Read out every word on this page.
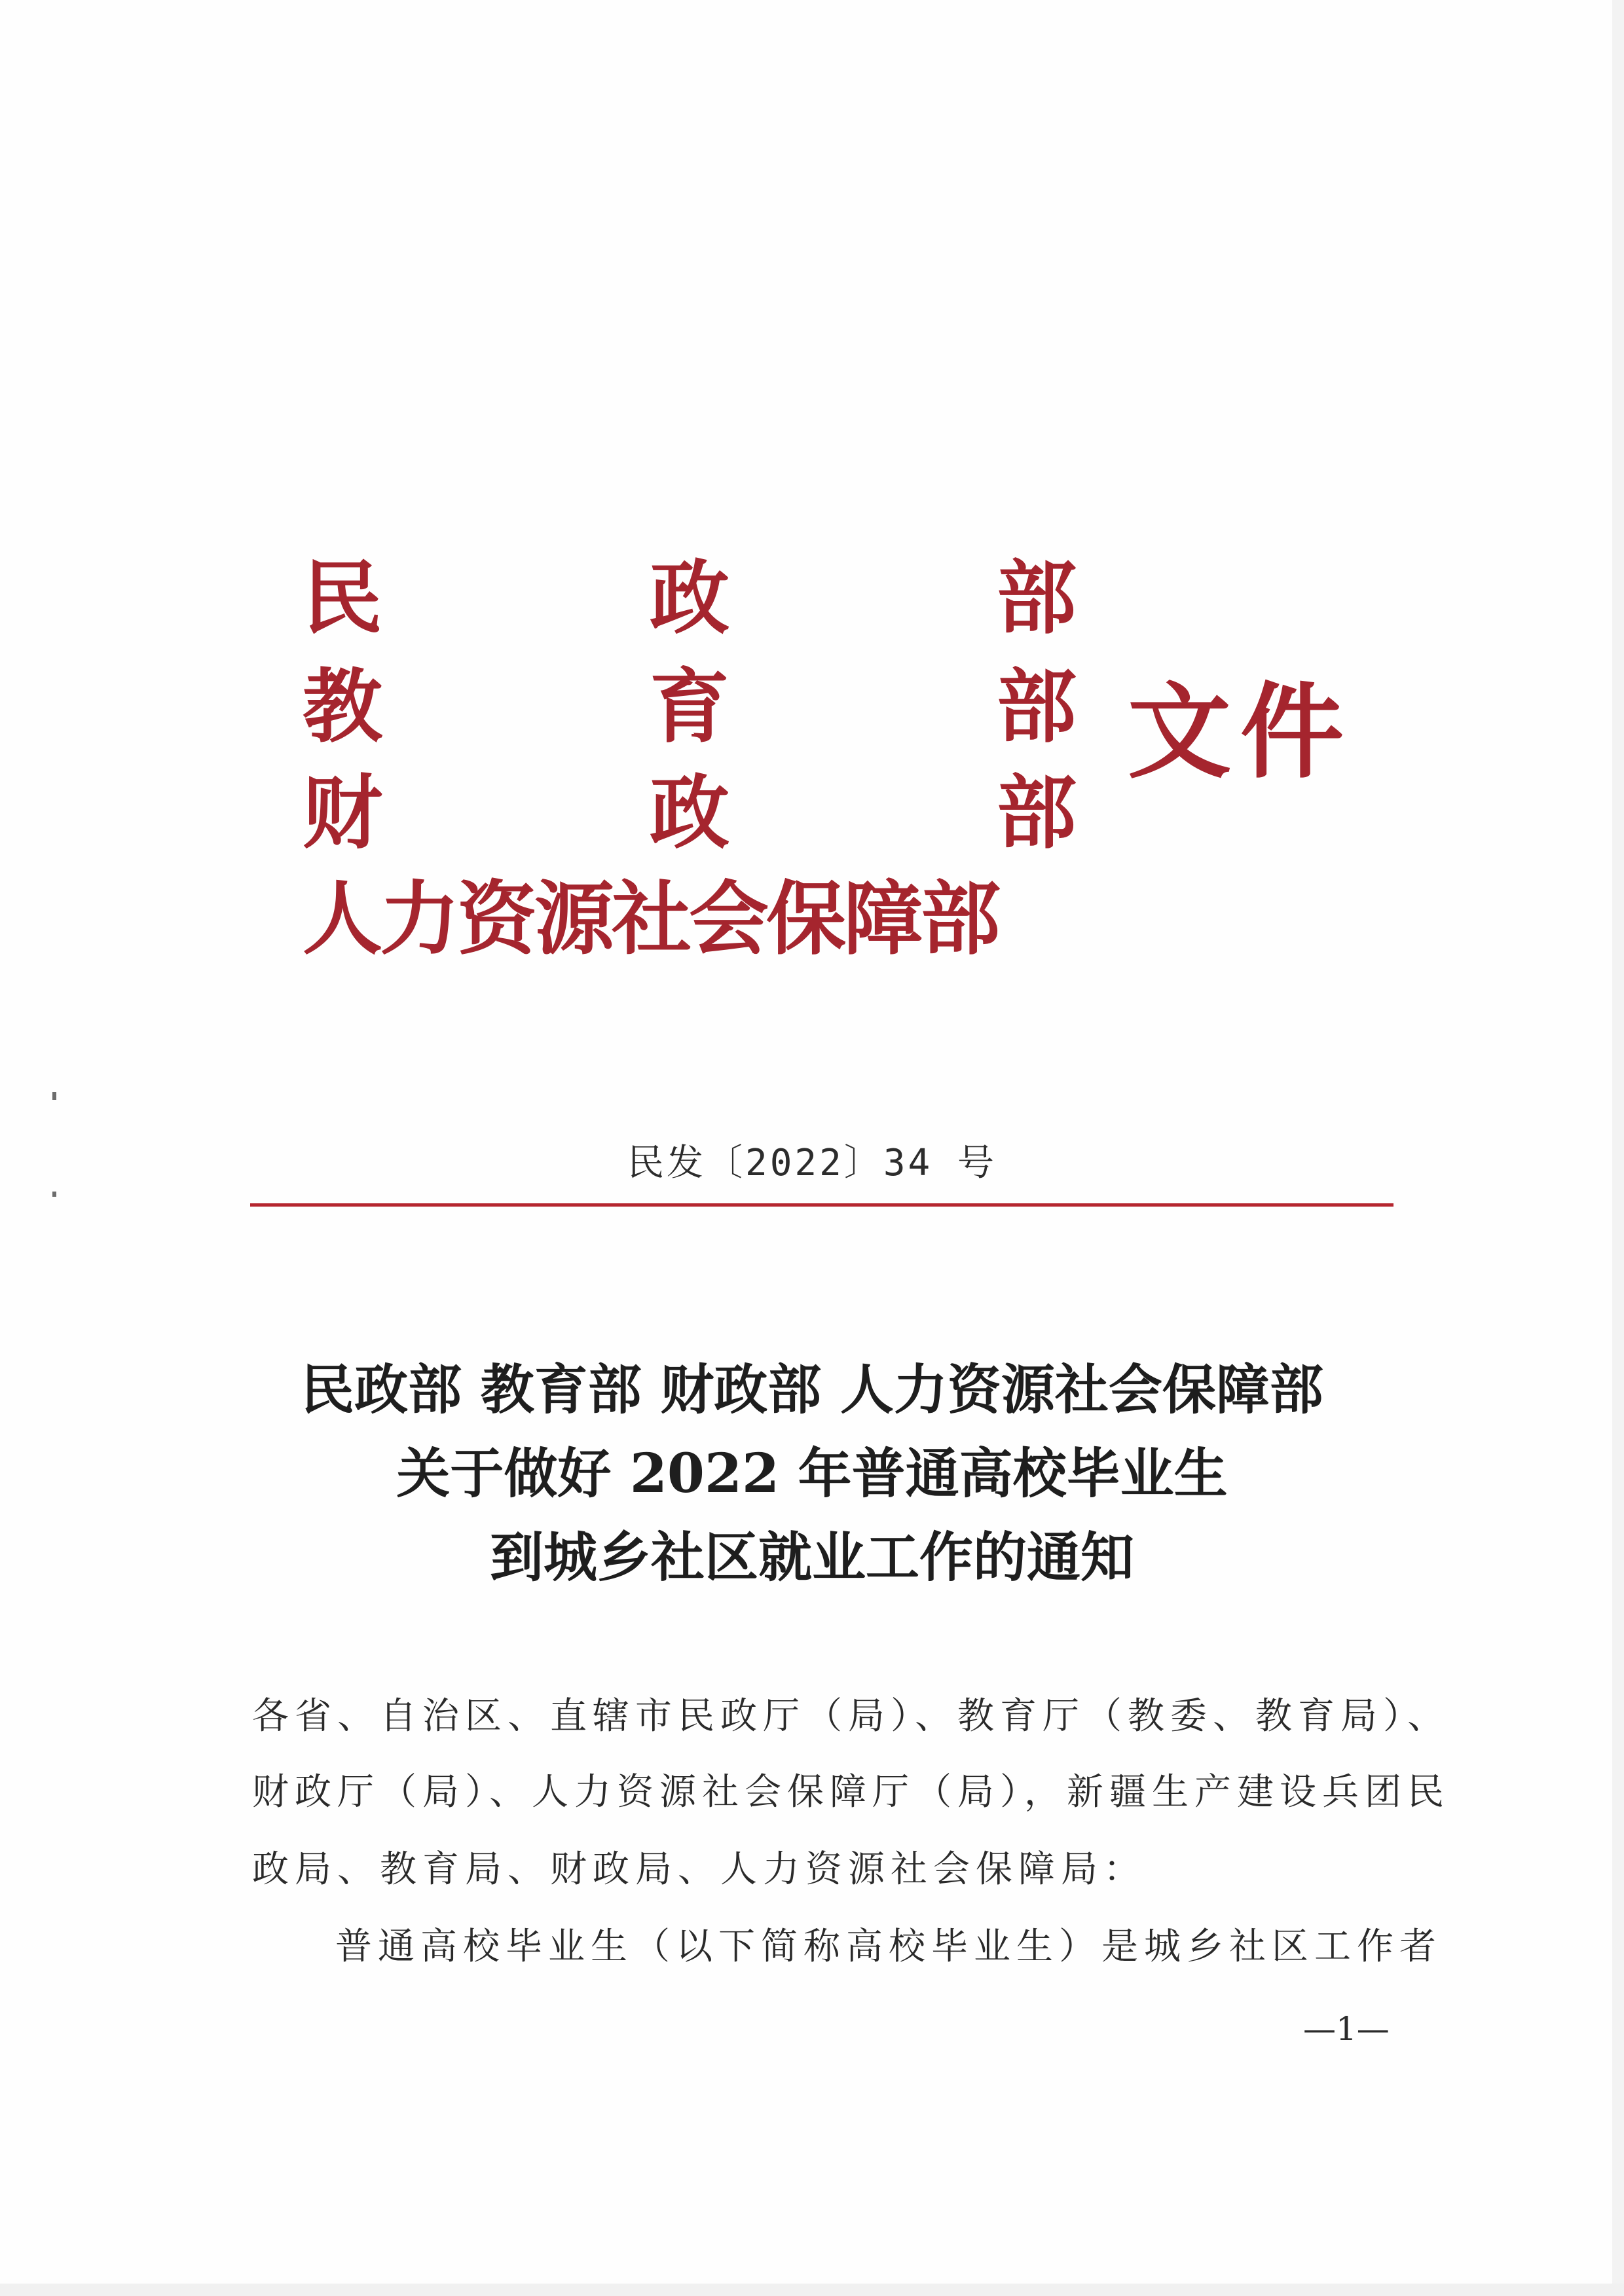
民	政	部
教	育	部
财	政	部
人力资源社会保障部
文件
民发〔2022〕34 号
民政部 教育部 财政部 人力资源社会保障部
关于做好 2022 年普通高校毕业生
到城乡社区就业工作的通知
各省、自治区、直辖市民政厅（局）、教育厅（教委、教育局）、
财政厅（局）、人力资源社会保障厅（局），新疆生产建设兵团民
政局、教育局、财政局、人力资源社会保障局：
普通高校毕业生（以下简称高校毕业生）是城乡社区工作者
—1—
